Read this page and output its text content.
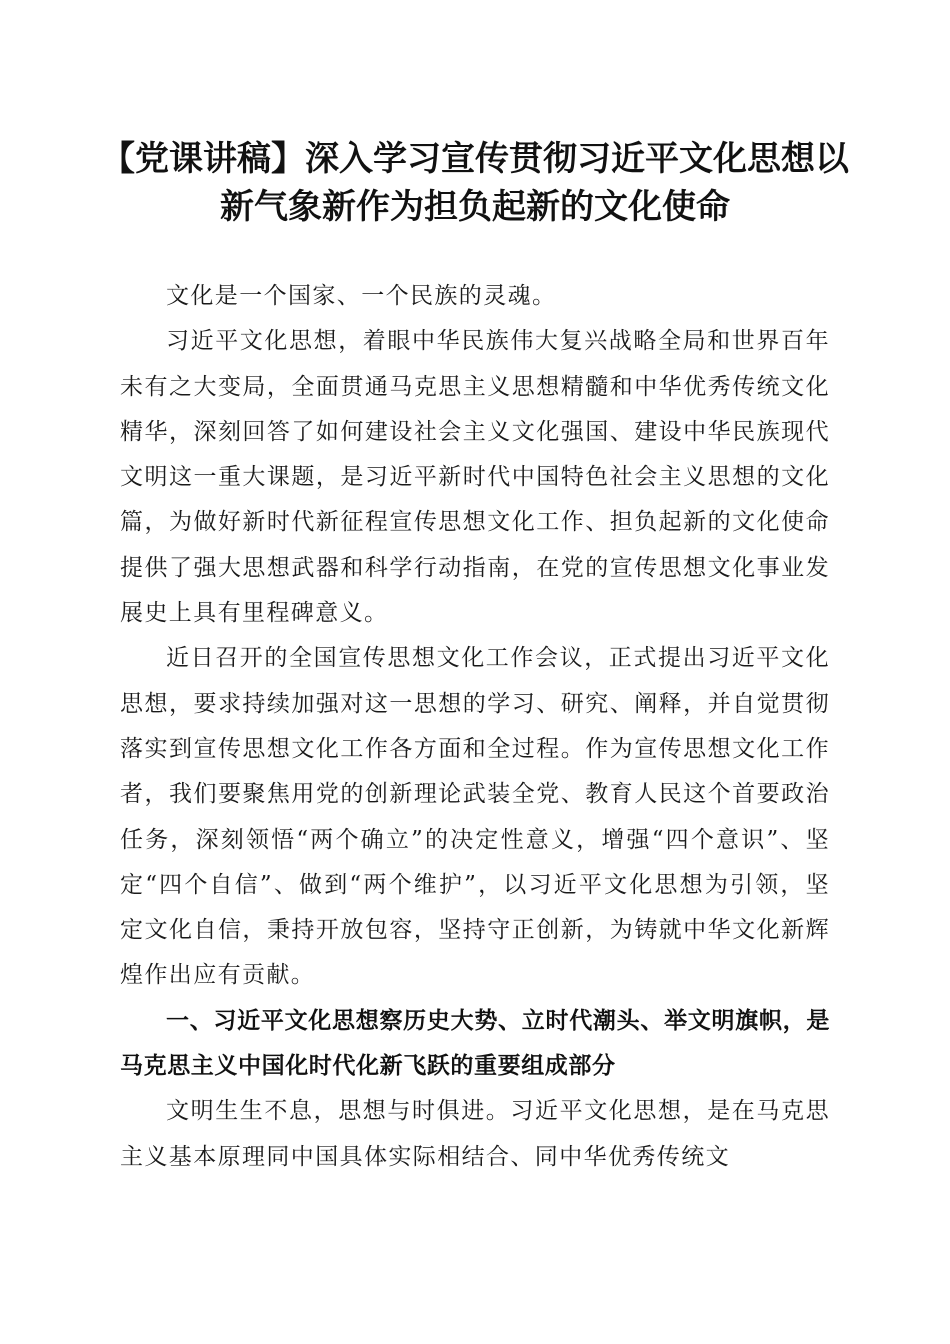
【党课讲稿】深入学习宣传贯彻习近平文化思想以新气象新作为担负起新的文化使命

文化是一个国家、一个民族的灵魂。

习近平文化思想，着眼中华民族伟大复兴战略全局和世界百年未有之大变局，全面贯通马克思主义思想精髓和中华优秀传统文化精华，深刻回答了如何建设社会主义文化强国、建设中华民族现代文明这一重大课题，是习近平新时代中国特色社会主义思想的文化篇，为做好新时代新征程宣传思想文化工作、担负起新的文化使命提供了强大思想武器和科学行动指南，在党的宣传思想文化事业发展史上具有里程碑意义。

近日召开的全国宣传思想文化工作会议，正式提出习近平文化思想，要求持续加强对这一思想的学习、研究、阐释，并自觉贯彻落实到宣传思想文化工作各方面和全过程。作为宣传思想文化工作者，我们要聚焦用党的创新理论武装全党、教育人民这个首要政治任务，深刻领悟“两个确立”的决定性意义，增强“四个意识”、坚定“四个自信”、做到“两个维护”，以习近平文化思想为引领，坚定文化自信，秉持开放包容，坚持守正创新，为铸就中华文化新辉煌作出应有贡献。

一、习近平文化思想察历史大势、立时代潮头、举文明旗帜，是马克思主义中国化时代化新飞跃的重要组成部分

文明生生不息，思想与时俱进。习近平文化思想，是在马克思主义基本原理同中国具体实际相结合、同中华优秀传统文
